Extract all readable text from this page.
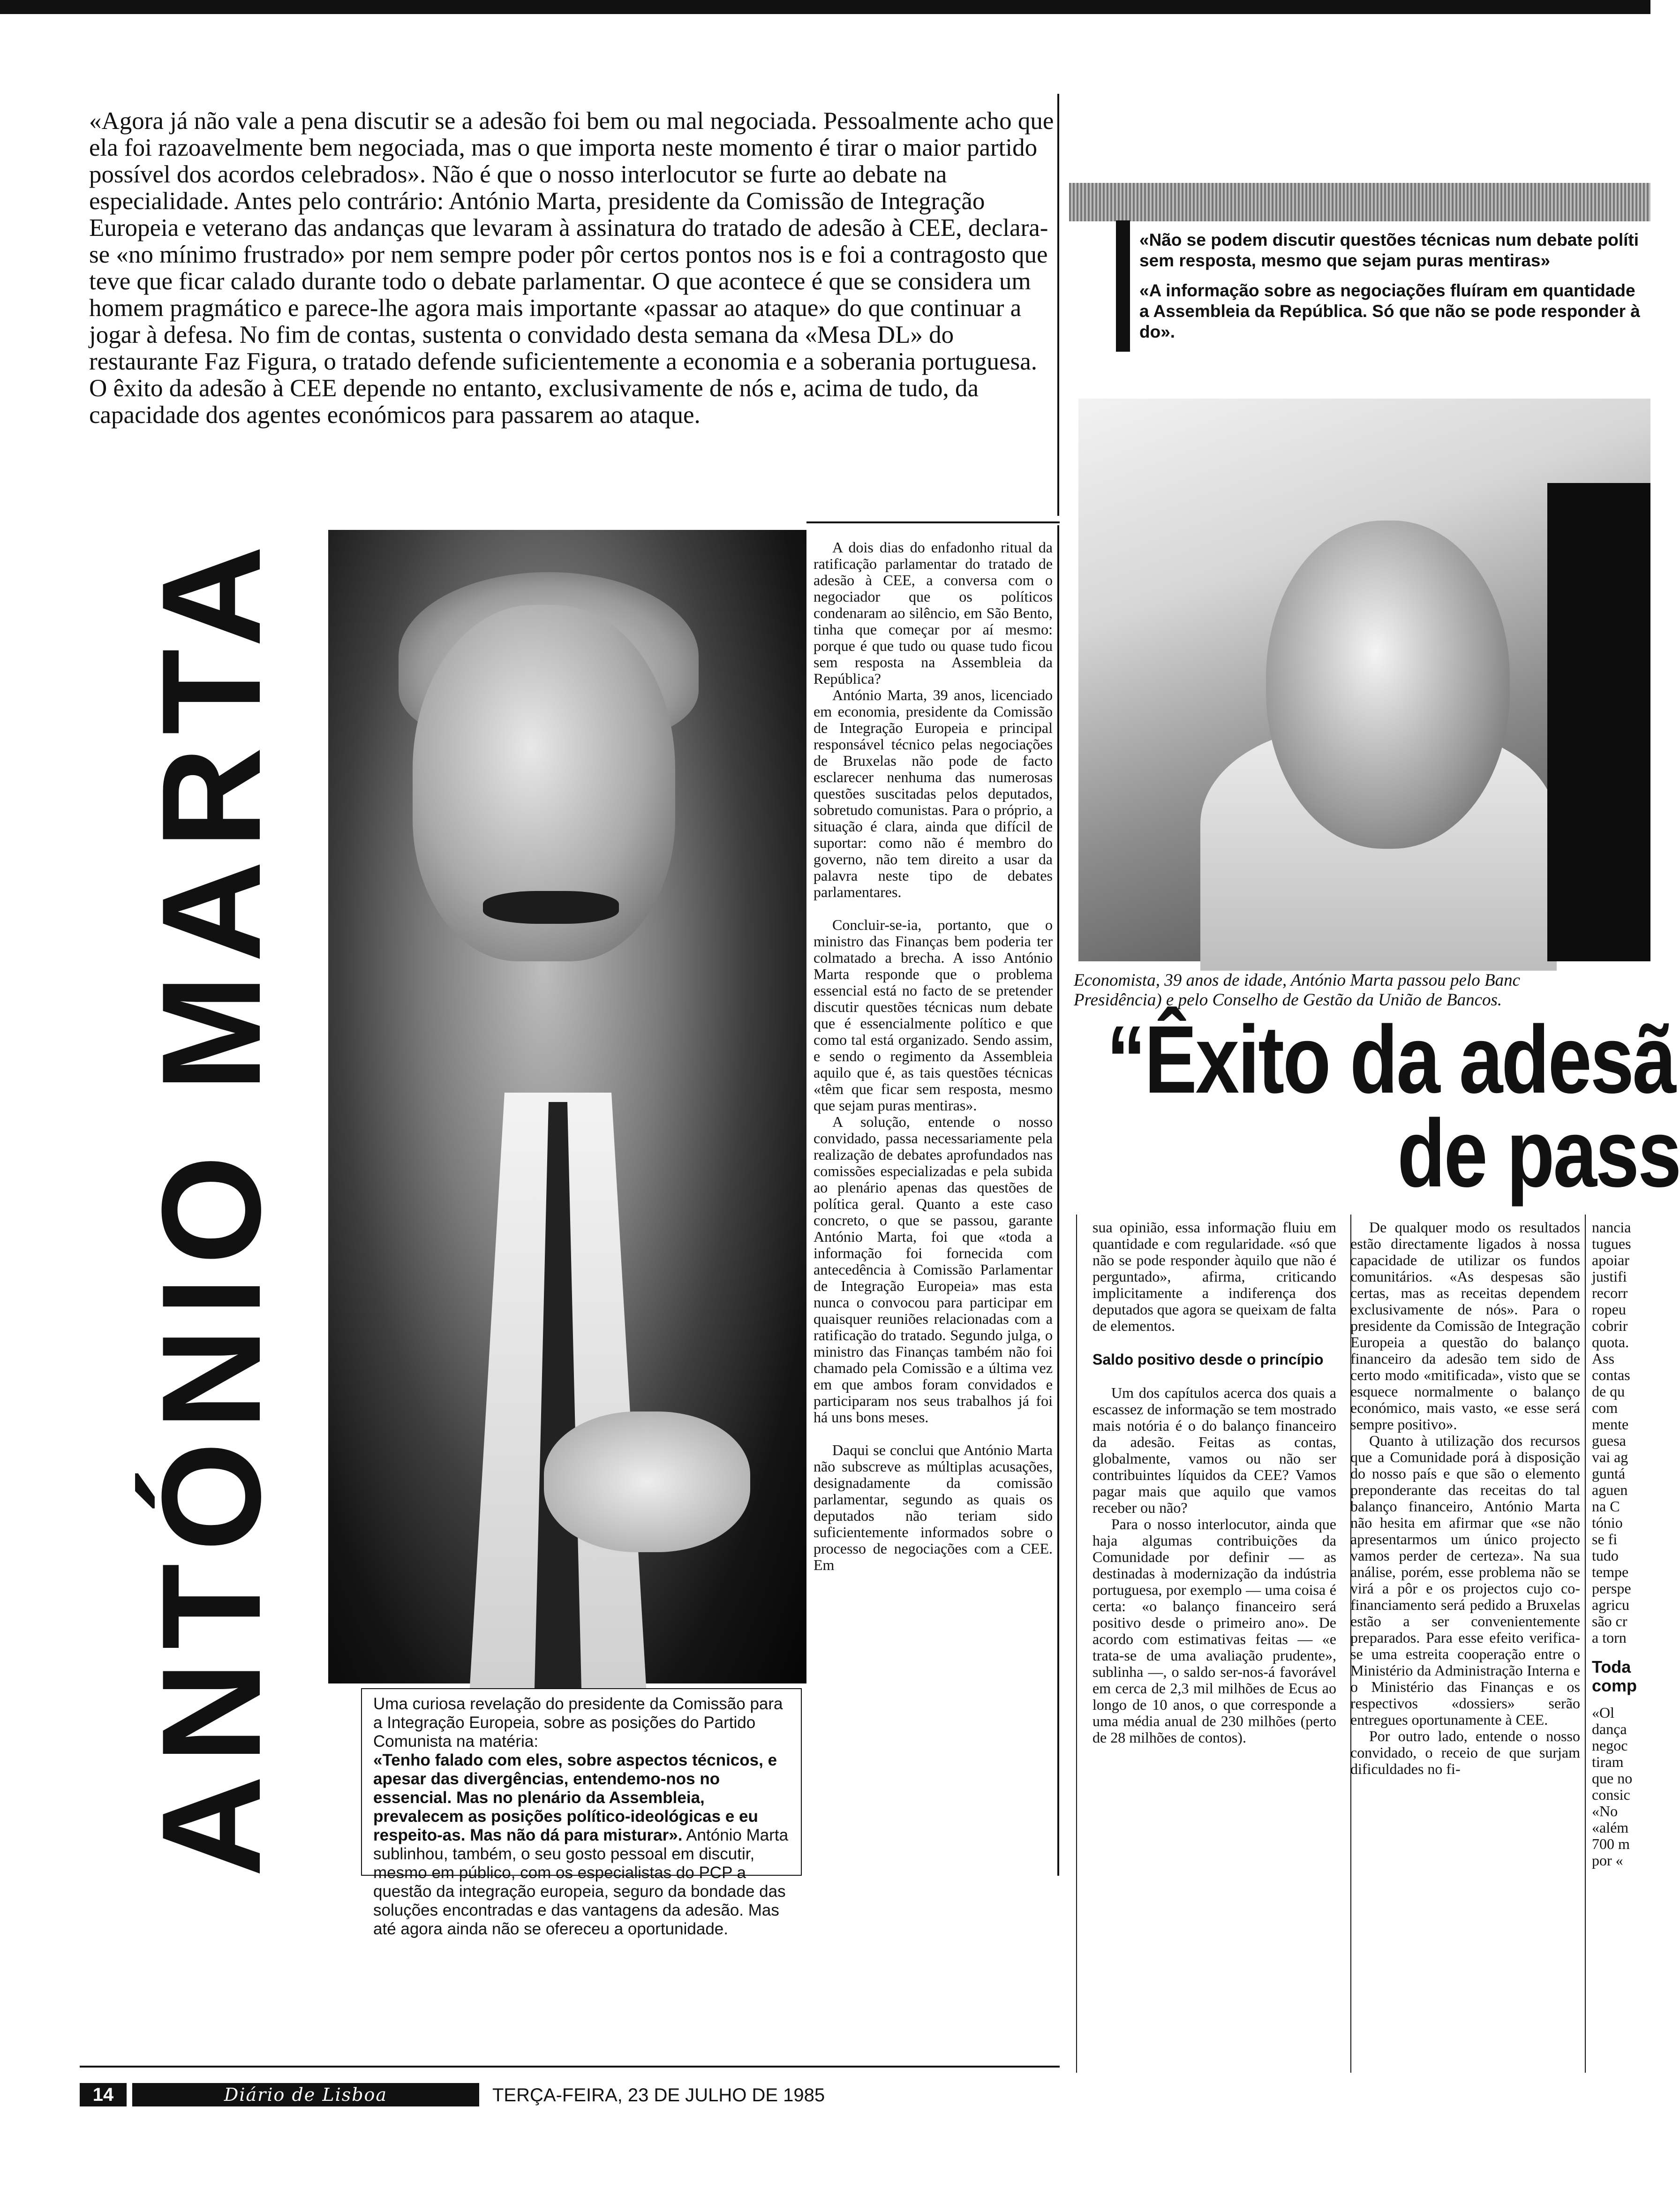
«Agora já não vale a pena discutir se a adesão foi bem ou mal negociada. Pessoalmente acho que ela foi razoavelmente bem negociada, mas o que importa neste momento é tirar o maior partido possível dos acordos celebrados». Não é que o nosso interlocutor se furte ao debate na especialidade. Antes pelo contrário: António Marta, presidente da Comissão de Integração Europeia e veterano das andanças que levaram à assinatura do tratado de adesão à CEE, declara-se «no mínimo frustrado» por nem sempre poder pôr certos pontos nos is e foi a contragosto que teve que ficar calado durante todo o debate parlamentar. O que acontece é que se considera um homem pragmático e parece-lhe agora mais importante «passar ao ataque» do que continuar a jogar à defesa. No fim de contas, sustenta o convidado desta semana da «Mesa DL» do restaurante Faz Figura, o tratado defende suficientemente a economia e a soberania portuguesa. O êxito da adesão à CEE depende no entanto, exclusivamente de nós e, acima de tudo, da capacidade dos agentes económicos para passarem ao ataque.

ANTÓNIO MARTA	Uma curiosa revelação do presidente da Comissão para a Integração Europeia, sobre as posições do Partido Comunista na matéria:
«Tenho falado com eles, sobre aspectos técnicos, e apesar das divergências, entendemo-nos no essencial. Mas no plenário da Assembleia, prevalecem as posições político-ideológicas e eu respeito-as. Mas não dá para misturar». António Marta sublinhou, também, o seu gosto pessoal em discutir, mesmo em público, com os especialistas do PCP a questão da integração europeia, seguro da bondade das soluções encontradas e das vantagens da adesão. Mas até agora ainda não se ofereceu a oportunidade.

A dois dias do enfadonho ritual da ratificação parlamentar do tratado de adesão à CEE, a conversa com o negociador que os políticos condenaram ao silêncio, em São Bento, tinha que começar por aí mesmo: porque é que tudo ou quase tudo ficou sem resposta na Assembleia da República?

António Marta, 39 anos, licenciado em economia, presidente da Comissão de Integração Europeia e principal responsável técnico pelas negociações de Bruxelas não pode de facto esclarecer nenhuma das numerosas questões suscitadas pelos deputados, sobretudo comunistas. Para o próprio, a situação é clara, ainda que difícil de suportar: como não é membro do governo, não tem direito a usar da palavra neste tipo de debates parlamentares.

Concluir-se-ia, portanto, que o ministro das Finanças bem poderia ter colmatado a brecha. A isso António Marta responde que o problema essencial está no facto de se pretender discutir questões técnicas num debate que é essencialmente político e que como tal está organizado. Sendo assim, e sendo o regimento da Assembleia aquilo que é, as tais questões técnicas «têm que ficar sem resposta, mesmo que sejam puras mentiras».

A solução, entende o nosso convidado, passa necessariamente pela realização de debates aprofundados nas comissões especializadas e pela subida ao plenário apenas das questões de política geral. Quanto a este caso concreto, o que se passou, garante António Marta, foi que «toda a informação foi fornecida com antecedência à Comissão Parlamentar de Integração Europeia» mas esta nunca o convocou para participar em quaisquer reuniões relacionadas com a ratificação do tratado. Segundo julga, o ministro das Finanças também não foi chamado pela Comissão e a última vez em que ambos foram convidados e participaram nos seus trabalhos já foi há uns bons meses.

Daqui se conclui que António Marta não subscreve as múltiplas acusações, designadamente da comissão parlamentar, segundo as quais os deputados não teriam sido suficientemente informados sobre o processo de negociações com a CEE. Em

sua opinião, essa informação fluiu em quantidade e com regularidade. «só que não se pode responder àquilo que não é perguntado», afirma, criticando implicitamente a indiferença dos deputados que agora se queixam de falta de elementos.

Saldo positivo desde o princípio

Um dos capítulos acerca dos quais a escassez de informação se tem mostrado mais notória é o do balanço financeiro da adesão. Feitas as contas, globalmente, vamos ou não ser contribuintes líquidos da CEE? Vamos pagar mais que aquilo que vamos receber ou não?

Para o nosso interlocutor, ainda que haja algumas contribuições da Comunidade por definir — as destinadas à modernização da indústria portuguesa, por exemplo — uma coisa é certa: «o balanço financeiro será positivo desde o primeiro ano». De acordo com estimativas feitas — «e trata-se de uma avaliação prudente», sublinha —, o saldo ser-nos-á favorável em cerca de 2,3 mil milhões de Ecus ao longo de 10 anos, o que corresponde a uma média anual de 230 milhões (perto de 28 milhões de contos).

De qualquer modo os resultados estão directamente ligados à nossa capacidade de utilizar os fundos comunitários. «As despesas são certas, mas as receitas dependem exclusivamente de nós». Para o presidente da Comissão de Integração Europeia a questão do balanço financeiro da adesão tem sido de certo modo «mitificada», visto que se esquece normalmente o balanço económico, mais vasto, «e esse será sempre positivo».

Quanto à utilização dos recursos que a Comunidade porá à disposição do nosso país e que são o elemento preponderante das receitas do tal balanço financeiro, António Marta não hesita em afirmar que «se não apresentarmos um único projecto vamos perder de certeza». Na sua análise, porém, esse problema não se virá a pôr e os projectos cujo co-financiamento será pedido a Bruxelas estão a ser convenientemente preparados. Para esse efeito verifica-se uma estreita cooperação entre o Ministério da Administração Interna e o Ministério das Finanças e os respectivos «dossiers» serão entregues oportunamente à CEE.

Por outro lado, entende o nosso convidado, o receio de que surjam dificuldades no fi-

nancia
tugues
apoiar
justifi
recorr
ropeu
cobrir
quota.
Ass
contas
de qu
com
mente
guesa
vai ag
guntá
aguen
na C
tónio
se fi
tudo
tempe
perspe
agricu
são cr
a torn
Toda
comp
«Ol
dança
negoc
tiram
que no
consic
«No
«além
700 m
por «
«Não se podem discutir questões técnicas num debate políti
sem resposta, mesmo que sejam puras mentiras»
«A informação sobre as negociações fluíram em quantidade
a Assembleia da República. Só que não se pode responder à
do».
Economista, 39 anos de idade, António Marta passou pelo Banc
Presidência) e pelo Conselho de Gestão da União de Bancos.
“Êxito da adesã
de pass
14	Diário de Lisboa	TERÇA-FEIRA, 23 DE JULHO DE 1985
